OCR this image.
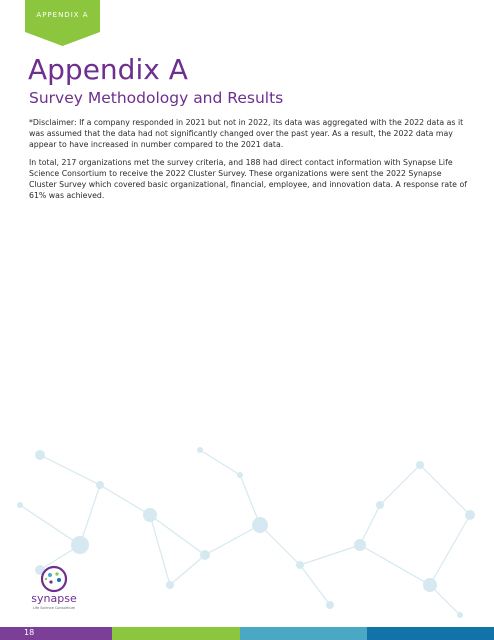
APPENDIX A
Appendix A
Survey Methodology and Results

*Disclaimer: If a company responded in 2021 but not in 2022, its data was aggregated with the 2022 data as it was assumed that the data had not significantly changed over the past year. As a result, the 2022 data may appear to have increased in number compared to the 2021 data.

In total, 217 organizations met the survey criteria, and 188 had direct contact information with Synapse Life Science Consortium to receive the 2022 Cluster Survey. These organizations were sent the 2022 Synapse Cluster Survey which covered basic organizational, financial, employee, and innovation data. A response rate of 61% was achieved.

synapse
Life Science Consortium
18
